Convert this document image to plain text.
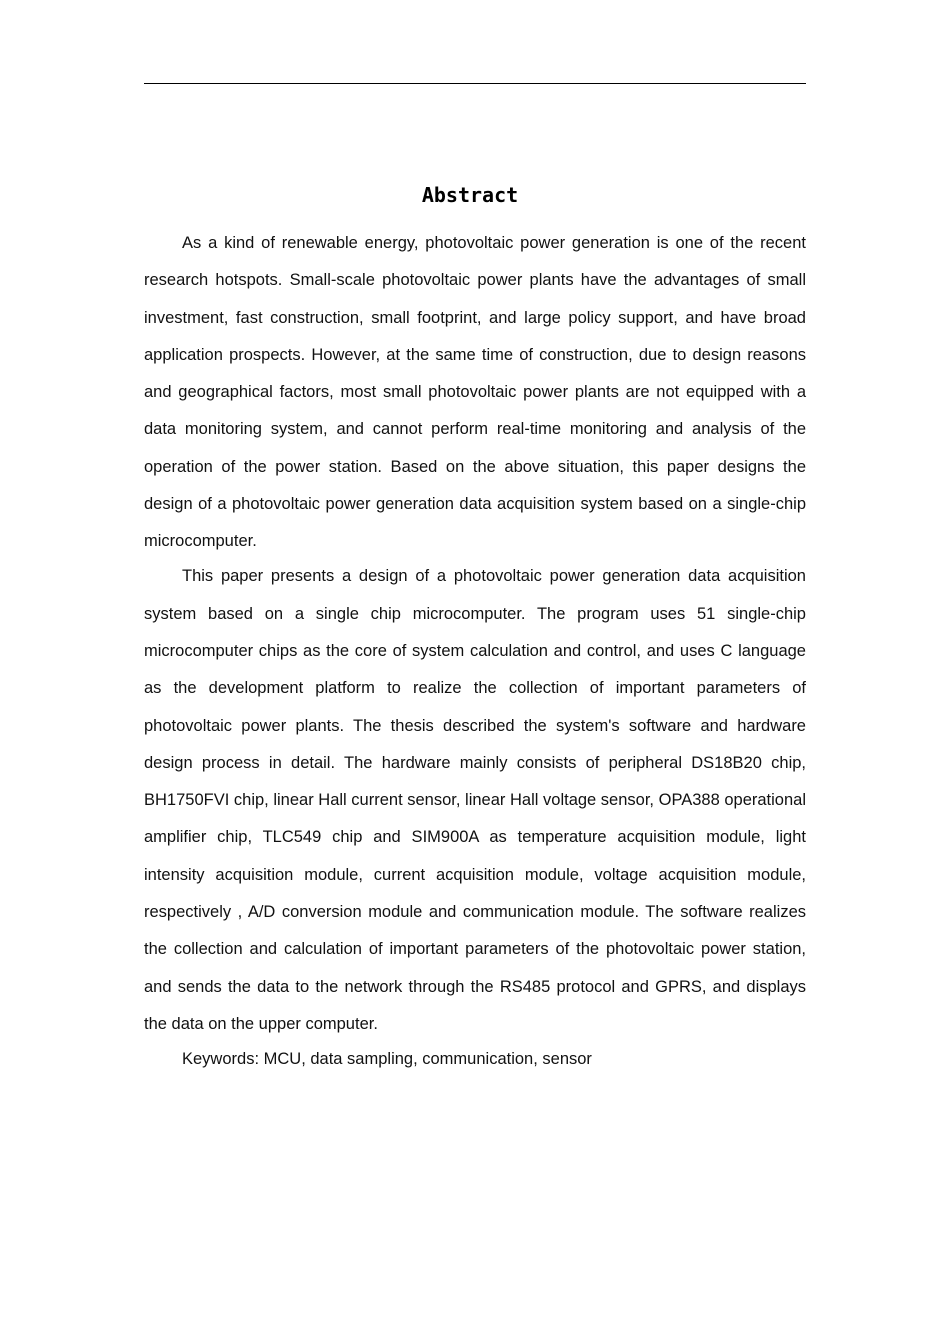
Abstract

As a kind of renewable energy, photovoltaic power generation is one of the recent research hotspots. Small-scale photovoltaic power plants have the advantages of small investment, fast construction, small footprint, and large policy support, and have broad application prospects. However, at the same time of construction, due to design reasons and geographical factors, most small photovoltaic power plants are not equipped with a data monitoring system, and cannot perform real-time monitoring and analysis of the operation of the power station. Based on the above situation, this paper designs the design of a photovoltaic power generation data acquisition system based on a single-chip microcomputer.

This paper presents a design of a photovoltaic power generation data acquisition system based on a single chip microcomputer. The program uses 51 single-chip microcomputer chips as the core of system calculation and control, and uses C language as the development platform to realize the collection of important parameters of photovoltaic power plants. The thesis described the system's software and hardware design process in detail. The hardware mainly consists of peripheral DS18B20 chip, BH1750FVI chip, linear Hall current sensor, linear Hall voltage sensor, OPA388 operational amplifier chip, TLC549 chip and SIM900A as temperature acquisition module, light intensity acquisition module, current acquisition module, voltage acquisition module, respectively , A/D conversion module and communication module. The software realizes the collection and calculation of important parameters of the photovoltaic power station, and sends the data to the network through the RS485 protocol and GPRS, and displays the data on the upper computer.

Keywords: MCU, data sampling, communication, sensor
